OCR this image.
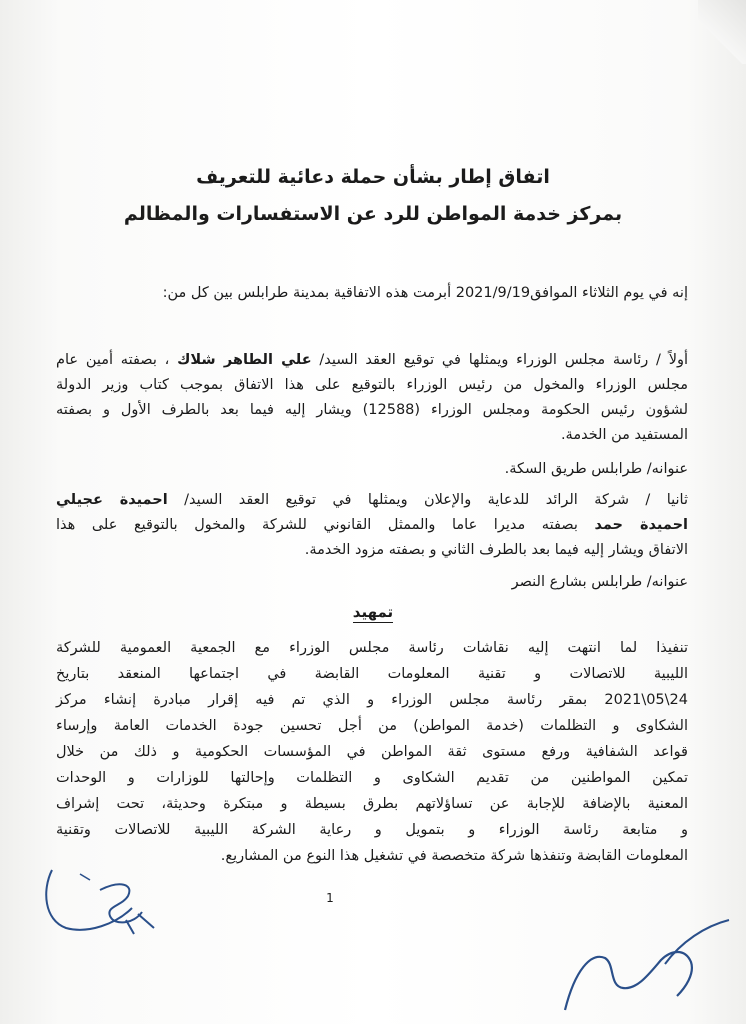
اتفاق إطار بشأن حملة دعائية للتعريف
بمركز خدمة المواطن للرد عن الاستفسارات والمظالم
إنه في يوم الثلاثاء الموافق2021/9/19 أبرمت هذه الاتفاقية بمدينة طرابلس بين كل من:
أولاً / رئاسة مجلس الوزراء ويمثلها في توقيع العقد السيد/ علي الطاهر شلاك ، بصفته أمين عام
مجلس الوزراء والمخول من رئيس الوزراء بالتوقيع على هذا الاتفاق بموجب كتاب وزير الدولة
لشؤون رئيس الحكومة ومجلس الوزراء (12588) ويشار إليه فيما بعد بالطرف الأول و بصفته
المستفيد من الخدمة.
عنوانه/ طرابلس طريق السكة.
ثانيا / شركة الرائد للدعاية والإعلان ويمثلها في توقيع العقد السيد/ احميدة عجيلي
احميدة حمد بصفته مديرا عاما والممثل القانوني للشركة والمخول بالتوقيع على هذا
الاتفاق ويشار إليه فيما بعد بالطرف الثاني و بصفته مزود الخدمة.
عنوانه/ طرابلس بشارع النصر
تمهيد
تنفيذا لما انتهت إليه نقاشات رئاسة مجلس الوزراء مع الجمعية العمومية للشركة
الليبية للاتصالات و تقنية المعلومات القابضة في اجتماعها المنعقد بتاريخ
24\05\2021 بمقر رئاسة مجلس الوزراء و الذي تم فيه إقرار مبادرة إنشاء مركز
الشكاوى و التظلمات (خدمة المواطن) من أجل تحسين جودة الخدمات العامة وإرساء
قواعد الشفافية ورفع مستوى ثقة المواطن في المؤسسات الحكومية و ذلك من خلال
تمكين المواطنين من تقديم الشكاوى و التظلمات وإحالتها للوزارات و الوحدات
المعنية بالإضافة للإجابة عن تساؤلاتهم بطرق بسيطة و مبتكرة وحديثة، تحت إشراف
و متابعة رئاسة الوزراء و بتمويل و رعاية الشركة الليبية للاتصالات وتقنية
المعلومات القابضة وتنفذها شركة متخصصة في تشغيل هذا النوع من المشاريع.
1
